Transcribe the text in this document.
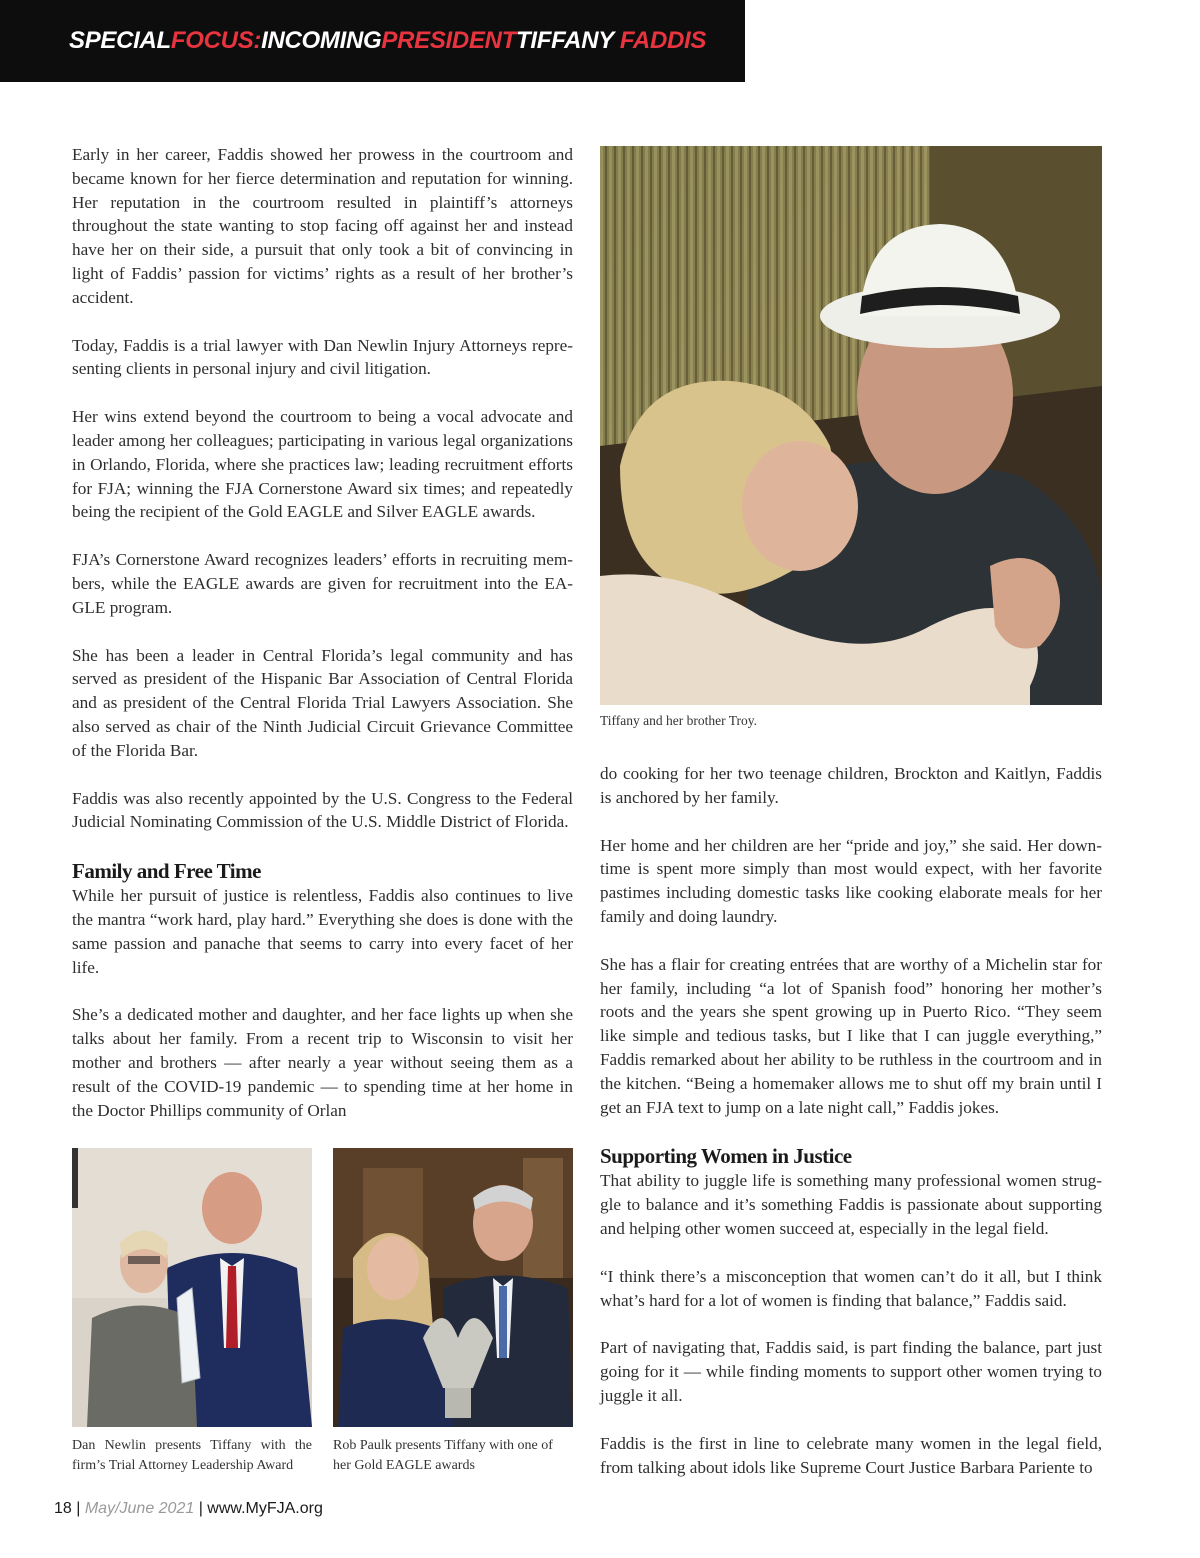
SPECIALFOCUS:INCOMINGPRESIDENTTIFFANY FADDIS

Early in her career, Faddis showed her prowess in the courtroom and became known for her fierce determination and reputation for winning. Her reputation in the courtroom resulted in plaintiff’s attorneys throughout the state wanting to stop facing off against her and instead have her on their side, a pursuit that only took a bit of convincing in light of Faddis’ passion for victims’ rights as a result of her brother’s accident.

Today, Faddis is a trial lawyer with Dan Newlin Injury Attorneys representing clients in personal injury and civil litigation.

Her wins extend beyond the courtroom to being a vocal advocate and leader among her colleagues; participating in various legal organizations in Orlando, Florida, where she practices law; leading recruitment efforts for FJA; winning the FJA Cornerstone Award six times; and repeatedly being the recipient of the Gold EAGLE and Silver EAGLE awards.

FJA’s Cornerstone Award recognizes leaders’ efforts in recruiting members, while the EAGLE awards are given for recruitment into the EAGLE program.

She has been a leader in Central Florida’s legal community and has served as president of the Hispanic Bar Association of Central Florida and as president of the Central Florida Trial Lawyers Association. She also served as chair of the Ninth Judicial Circuit Grievance Committee of the Florida Bar.

Faddis was also recently appointed by the U.S. Congress to the Federal Judicial Nominating Commission of the U.S. Middle District of Florida.

Family and Free Time

While her pursuit of justice is relentless, Faddis also continues to live the mantra “work hard, play hard.” Everything she does is done with the same passion and panache that seems to carry into every facet of her life.

She’s a dedicated mother and daughter, and her face lights up when she talks about her family. From a recent trip to Wisconsin to visit her mother and brothers — after nearly a year without seeing them as a result of the COVID-19 pandemic — to spending time at her home in the Doctor Phillips community of Orlan

Tiffany and her brother Troy.

do cooking for her two teenage children, Brockton and Kaitlyn, Faddis is anchored by her family.

Her home and her children are her “pride and joy,” she said. Her downtime is spent more simply than most would expect, with her favorite pastimes including domestic tasks like cooking elaborate meals for her family and doing laundry.

She has a flair for creating entrées that are worthy of a Michelin star for her family, including “a lot of Spanish food” honoring her mother’s roots and the years she spent growing up in Puerto Rico. “They seem like simple and tedious tasks, but I like that I can juggle everything,” Faddis remarked about her ability to be ruthless in the courtroom and in the kitchen. “Being a homemaker allows me to shut off my brain until I get an FJA text to jump on a late night call,” Faddis jokes.

Supporting Women in Justice

That ability to juggle life is something many professional women struggle to balance and it’s something Faddis is passionate about supporting and helping other women succeed at, especially in the legal field.

“I think there’s a misconception that women can’t do it all, but I think what’s hard for a lot of women is finding that balance,” Faddis said.

Part of navigating that, Faddis said, is part finding the balance, part just going for it — while finding moments to support other women trying to juggle it all.

Faddis is the first in line to celebrate many women in the legal field, from talking about idols like Supreme Court Justice Barbara Pariente to

Dan Newlin presents Tiffany with the firm’s Trial Attorney Leadership Award
Rob Paulk presents Tiffany with one of her Gold EAGLE awards
18 | May/June 2021 | www.MyFJA.org
